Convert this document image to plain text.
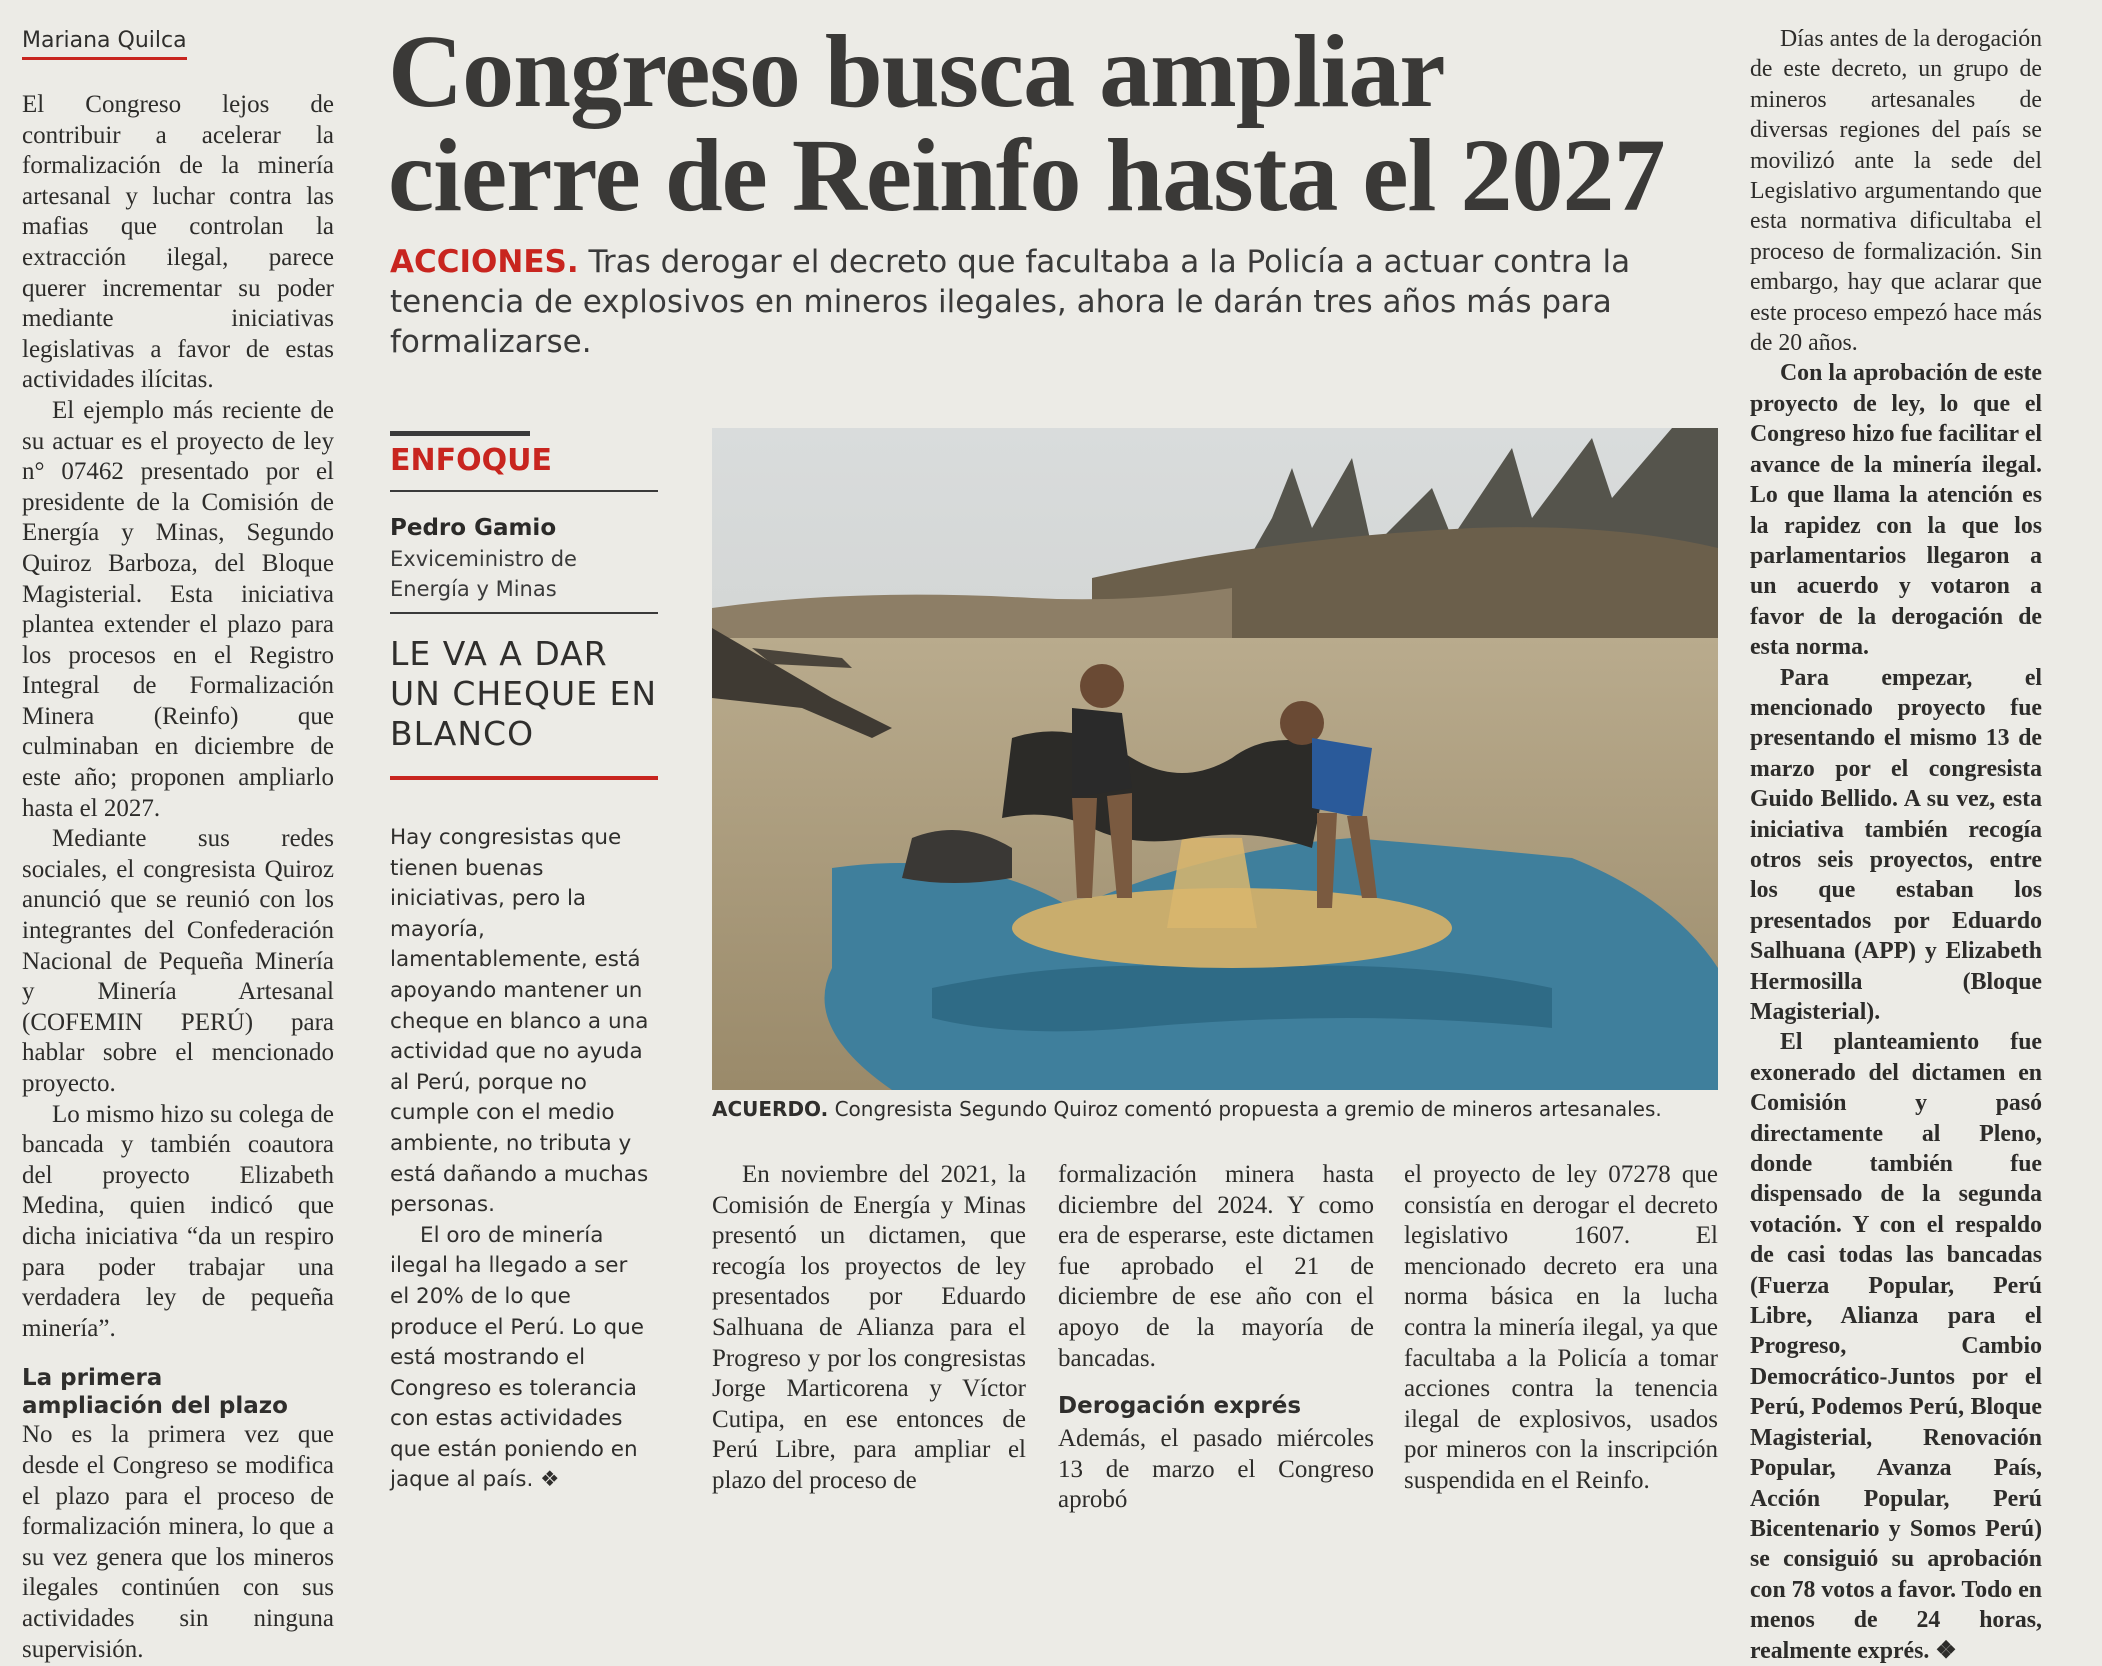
Mariana Quilca Congreso busca ampliar
cierre de Reinfo hasta el 2027
ACCIONES. Tras derogar el decreto que facultaba a la Policía a actuar contra la tenencia de explosivos en mineros ilegales, ahora le darán tres años más para formalizarse.

El Congreso lejos de contribuir a acelerar la formalización de la minería artesanal y luchar contra las mafias que controlan la extracción ilegal, parece querer incrementar su poder mediante iniciativas legislativas a favor de estas actividades ilícitas.

El ejemplo más reciente de su actuar es el proyecto de ley n° 07462 presentado por el presidente de la Comisión de Energía y Minas, Segundo Quiroz Barboza, del Bloque Magisterial. Esta iniciativa plantea extender el plazo para los procesos en el Registro Integral de Formalización Minera (Reinfo) que culminaban en diciembre de este año; proponen ampliarlo hasta el 2027.

Mediante sus redes sociales, el congresista Quiroz anunció que se reunió con los integrantes del Confederación Nacional de Pequeña Minería y Minería Artesanal (COFEMIN PERÚ) para hablar sobre el mencionado proyecto.

Lo mismo hizo su colega de bancada y también coautora del proyecto Elizabeth Medina, quien indicó que dicha iniciativa “da un respiro para poder trabajar una verdadera ley de pequeña minería”.

La primera
ampliación del plazo

No es la primera vez que desde el Congreso se modifica el plazo para el proceso de formalización minera, lo que a su vez genera que los mineros ilegales continúen con sus actividades sin ninguna supervisión.

ENFOQUE
Pedro Gamio
Exviceministro de Energía y Minas
LE VA A DAR UN CHEQUE EN BLANCO

Hay congresistas que tienen buenas iniciativas, pero la mayoría, lamentablemente, está apoyando mantener un cheque en blanco a una actividad que no ayuda al Perú, porque no cumple con el medio ambiente, no tributa y está dañando a muchas personas.

El oro de minería ilegal ha llegado a ser el 20% de lo que produce el Perú. Lo que está mostrando el Congreso es tolerancia con estas actividades que están poniendo en jaque al país. ❖

ACUERDO. Congresista Segundo Quiroz comentó propuesta a gremio de mineros artesanales.

En noviembre del 2021, la Comisión de Energía y Minas presentó un dictamen, que recogía los proyectos de ley presentados por Eduardo Salhuana de Alianza para el Progreso y por los congresistas Jorge Marticorena y Víctor Cutipa, en ese entonces de Perú Libre, para ampliar el plazo del proceso de

formalización minera hasta diciembre del 2024. Y como era de esperarse, este dictamen fue aprobado el 21 de diciembre de ese año con el apoyo de la mayoría de bancadas.

Derogación exprés

Además, el pasado miércoles 13 de marzo el Congreso aprobó

el proyecto de ley 07278 que consistía en derogar el decreto legislativo 1607. El mencionado decreto era una norma básica en la lucha contra la minería ilegal, ya que facultaba a la Policía a tomar acciones contra la tenencia ilegal de explosivos, usados por mineros con la inscripción suspendida en el Reinfo.

Días antes de la derogación de este decreto, un grupo de mineros artesanales de diversas regiones del país se movilizó ante la sede del Legislativo argumentando que esta normativa dificultaba el proceso de formalización. Sin embargo, hay que aclarar que este proceso empezó hace más de 20 años.

Con la aprobación de este proyecto de ley, lo que el Congreso hizo fue facilitar el avance de la minería ilegal. Lo que llama la atención es la rapidez con la que los parlamentarios llegaron a un acuerdo y votaron a favor de la derogación de esta norma.

Para empezar, el mencionado proyecto fue presentando el mismo 13 de marzo por el congresista Guido Bellido. A su vez, esta iniciativa también recogía otros seis proyectos, entre los que estaban los presentados por Eduardo Salhuana (APP) y Elizabeth Hermosilla (Bloque Magisterial).

El planteamiento fue exonerado del dictamen en Comisión y pasó directamente al Pleno, donde también fue dispensado de la segunda votación. Y con el respaldo de casi todas las bancadas (Fuerza Popular, Perú Libre, Alianza para el Progreso, Cambio Democrático-Juntos por el Perú, Podemos Perú, Bloque Magisterial, Renovación Popular, Avanza País, Acción Popular, Perú Bicentenario y Somos Perú) se consiguió su aprobación con 78 votos a favor. Todo en menos de 24 horas, realmente exprés. ❖
